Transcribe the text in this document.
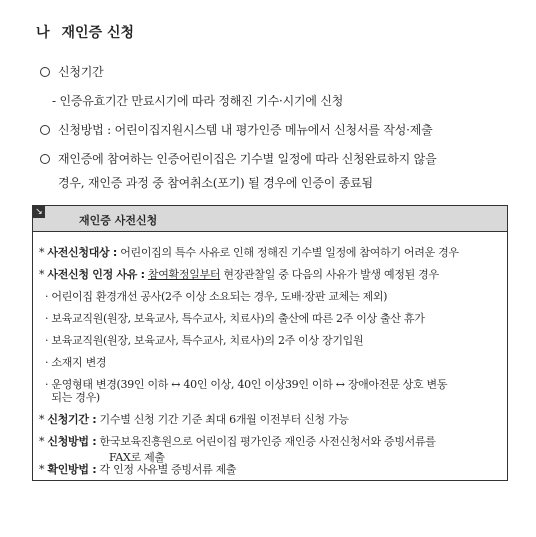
나 재인증 신청
신청기간
- 인증유효기간 만료시기에 따라 정해진 기수·시기에 신청
신청방법 : 어린이집지원시스템 내 평가인증 메뉴에서 신청서를 작성·제출
재인증에 참여하는 인증어린이집은 기수별 일정에 따라 신청완료하지 않을
경우, 재인증 과정 중 참여취소(포기) 될 경우에 인증이 종료됨
↘
재인증 사전신청
* 사전신청대상 : 어린이집의 특수 사유로 인해 정해진 기수별 일정에 참여하기 어려운 경우
* 사전신청 인정 사유 : 참여확정일부터 현장관찰일 중 다음의 사유가 발생 예정된 경우
· 어린이집 환경개선 공사(2주 이상 소요되는 경우, 도배·장판 교체는 제외)
· 보육교직원(원장, 보육교사, 특수교사, 치료사)의 출산에 따른 2주 이상 출산 휴가
· 보육교직원(원장, 보육교사, 특수교사, 치료사)의 2주 이상 장기입원
· 소재지 변경
· 운영형태 변경(39인 이하 ↔ 40인 이상, 40인 이상39인 이하 ↔ 장애아전문 상호 변동
되는 경우)
* 신청기간 : 기수별 신청 기간 기준 최대 6개월 이전부터 신청 가능
* 신청방법 : 한국보육진흥원으로 어린이집 평가인증 재인증 사전신청서와 증빙서류를
FAX로 제출
* 확인방법 : 각 인정 사유별 증빙서류 제출
